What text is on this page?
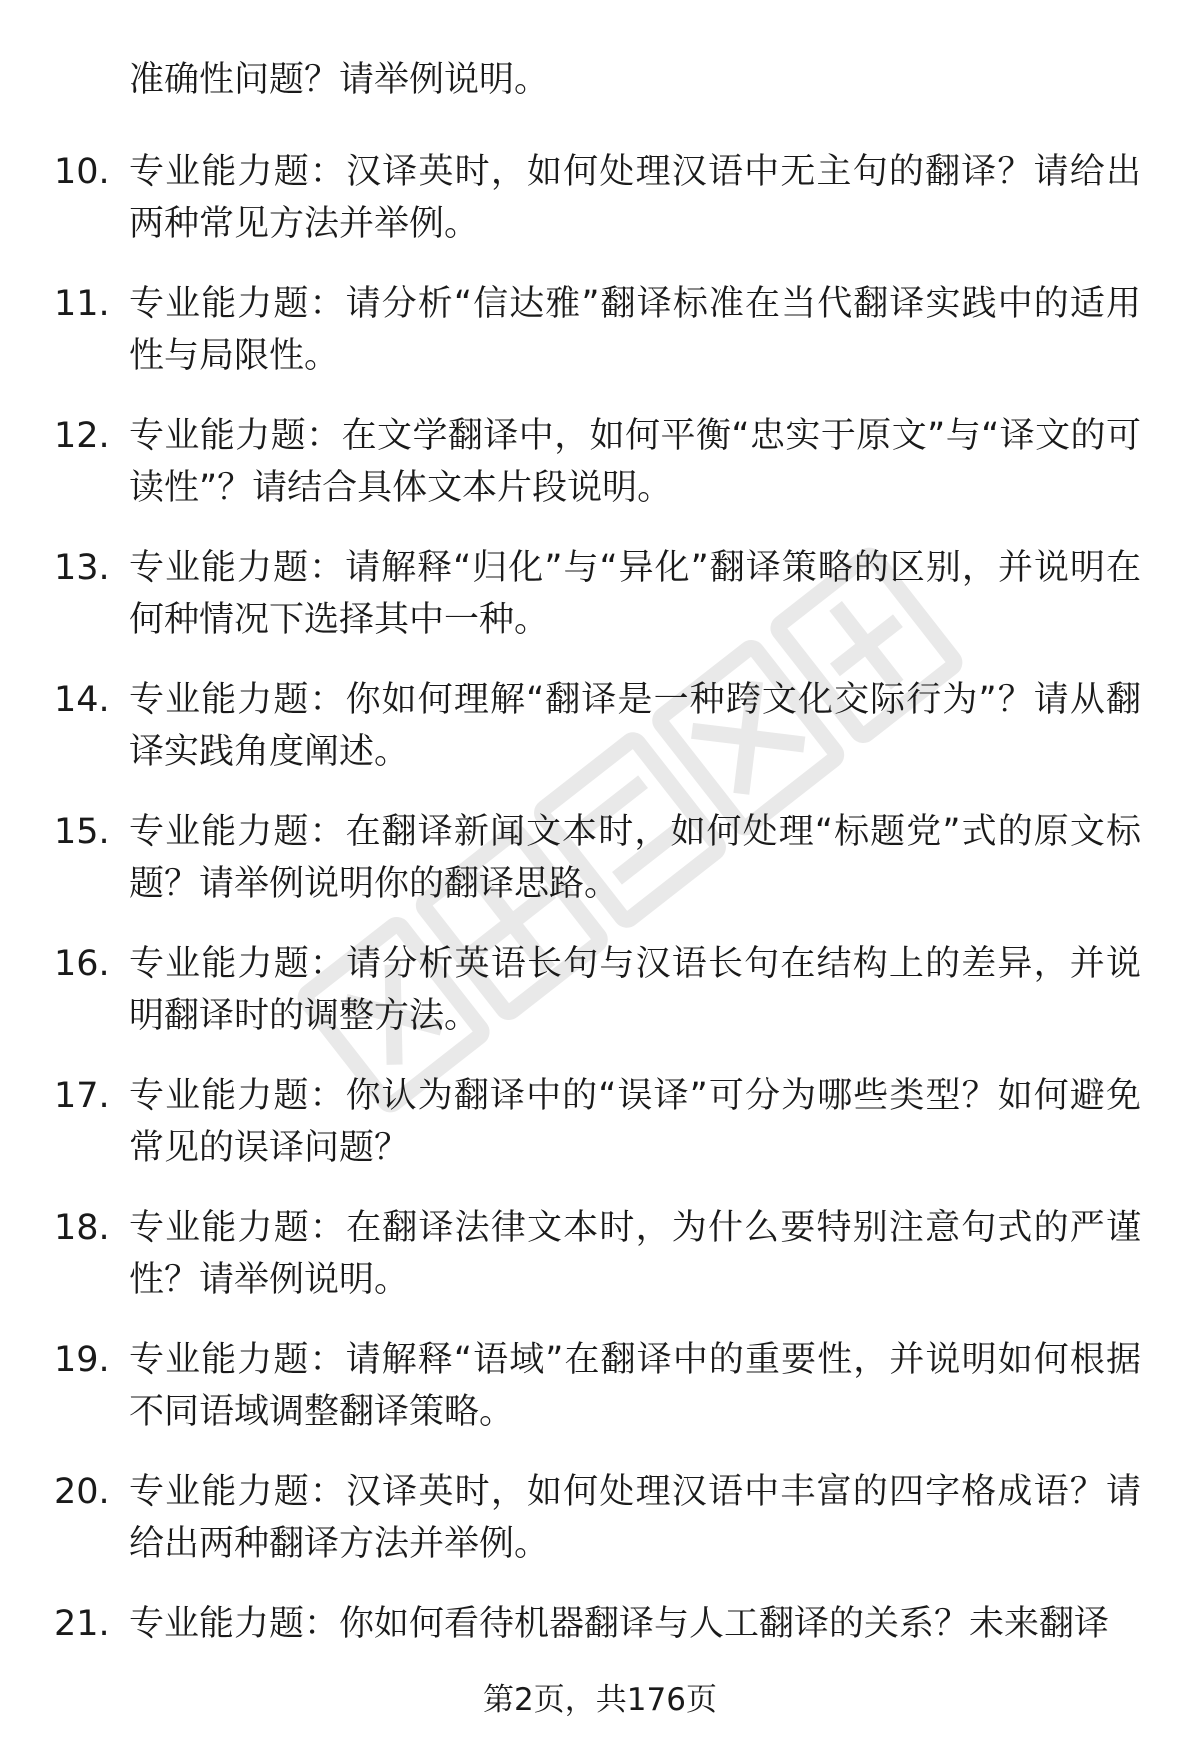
准确性问题？请举例说明。
10. 专业能力题：汉译英时，如何处理汉语中无主句的翻译？请给出两种常见方法并举例。
11. 专业能力题：请分析“信达雅”翻译标准在当代翻译实践中的适用性与局限性。
12. 专业能力题：在文学翻译中，如何平衡“忠实于原文”与“译文的可读性”？请结合具体文本片段说明。
13. 专业能力题：请解释“归化”与“异化”翻译策略的区别，并说明在何种情况下选择其中一种。
14. 专业能力题：你如何理解“翻译是一种跨文化交际行为”？请从翻译实践角度阐述。
15. 专业能力题：在翻译新闻文本时，如何处理“标题党”式的原文标题？请举例说明你的翻译思路。
16. 专业能力题：请分析英语长句与汉语长句在结构上的差异，并说明翻译时的调整方法。
17. 专业能力题：你认为翻译中的“误译”可分为哪些类型？如何避免常见的误译问题？
18. 专业能力题：在翻译法律文本时，为什么要特别注意句式的严谨性？请举例说明。
19. 专业能力题：请解释“语域”在翻译中的重要性，并说明如何根据不同语域调整翻译策略。
20. 专业能力题：汉译英时，如何处理汉语中丰富的四字格成语？请给出两种翻译方法并举例。
21. 专业能力题：你如何看待机器翻译与人工翻译的关系？未来翻译
第2页，共176页
